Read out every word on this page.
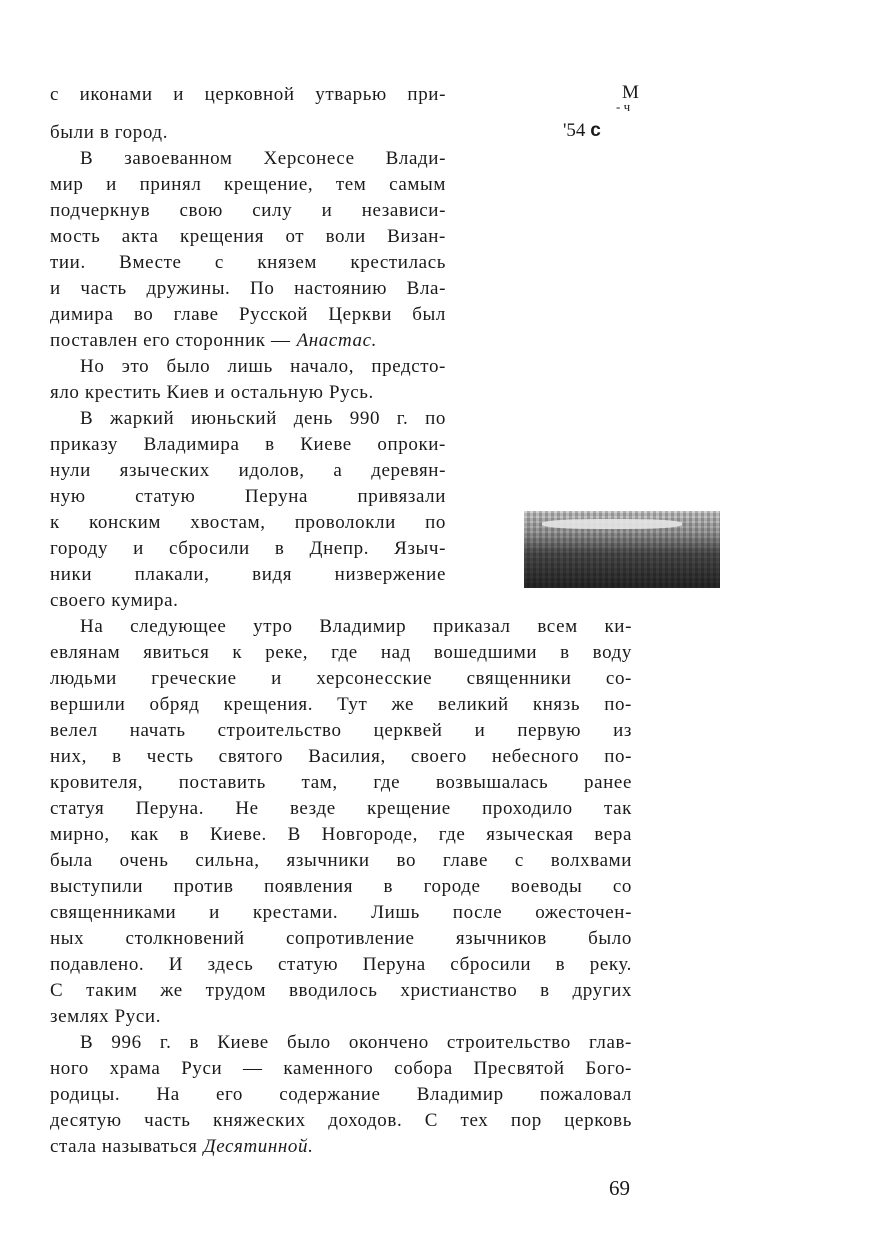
М
- ч
'54 с
с иконами и церковной утварью при-
были в город.
В завоеванном Херсонесе Влади-
мир и принял крещение, тем самым
подчеркнув свою силу и независи-
мость акта крещения от воли Визан-
тии. Вместе с князем крестилась
и часть дружины. По настоянию Вла-
димира во главе Русской Церкви был
поставлен его сторонник — Анастас.
Но это было лишь начало, предсто-
яло крестить Киев и остальную Русь.
В жаркий июньский день 990 г. по
приказу Владимира в Киеве опроки-
нули языческих идолов, а деревян-
ную статую Перуна привязали
к конским хвостам, проволокли по
городу и сбросили в Днепр. Языч-
ники плакали, видя низвержение
своего кумира.
На следующее утро Владимир приказал всем ки-
евлянам явиться к реке, где над вошедшими в воду
людьми греческие и херсонесские священники со-
вершили обряд крещения. Тут же великий князь по-
велел начать строительство церквей и первую из
них, в честь святого Василия, своего небесного по-
кровителя, поставить там, где возвышалась ранее
статуя Перуна. Не везде крещение проходило так
мирно, как в Киеве. В Новгороде, где языческая вера
была очень сильна, язычники во главе с волхвами
выступили против появления в городе воеводы со
священниками и крестами. Лишь после ожесточен-
ных столкновений сопротивление язычников было
подавлено. И здесь статую Перуна сбросили в реку.
С таким же трудом вводилось христианство в других
землях Руси.
В 996 г. в Киеве было окончено строительство глав-
ного храма Руси — каменного собора Пресвятой Бого-
родицы. На его содержание Владимир пожаловал
десятую часть княжеских доходов. С тех пор церковь
стала называться Десятинной.
69
